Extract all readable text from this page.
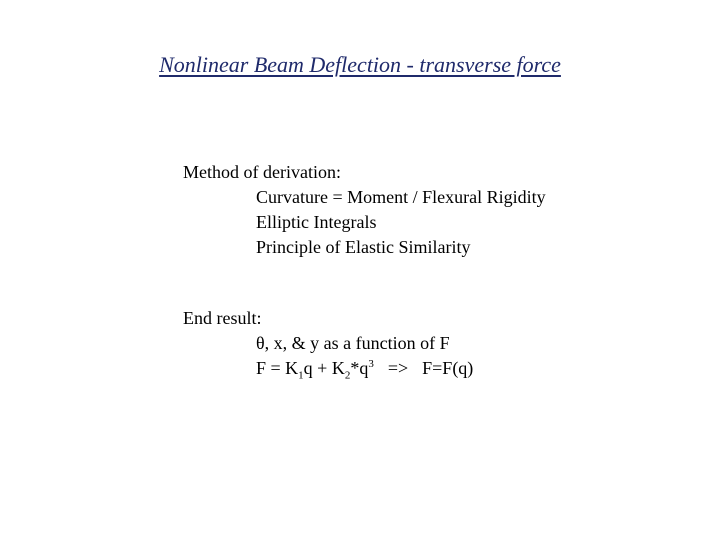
Nonlinear Beam Deflection - transverse force

Method of derivation:

Curvature = Moment / Flexural Rigidity

Elliptic Integrals

Principle of Elastic Similarity

End result:

θ, x, & y as a function of F

$F = K_1q + K_2*q^3 => F=F(q)$
